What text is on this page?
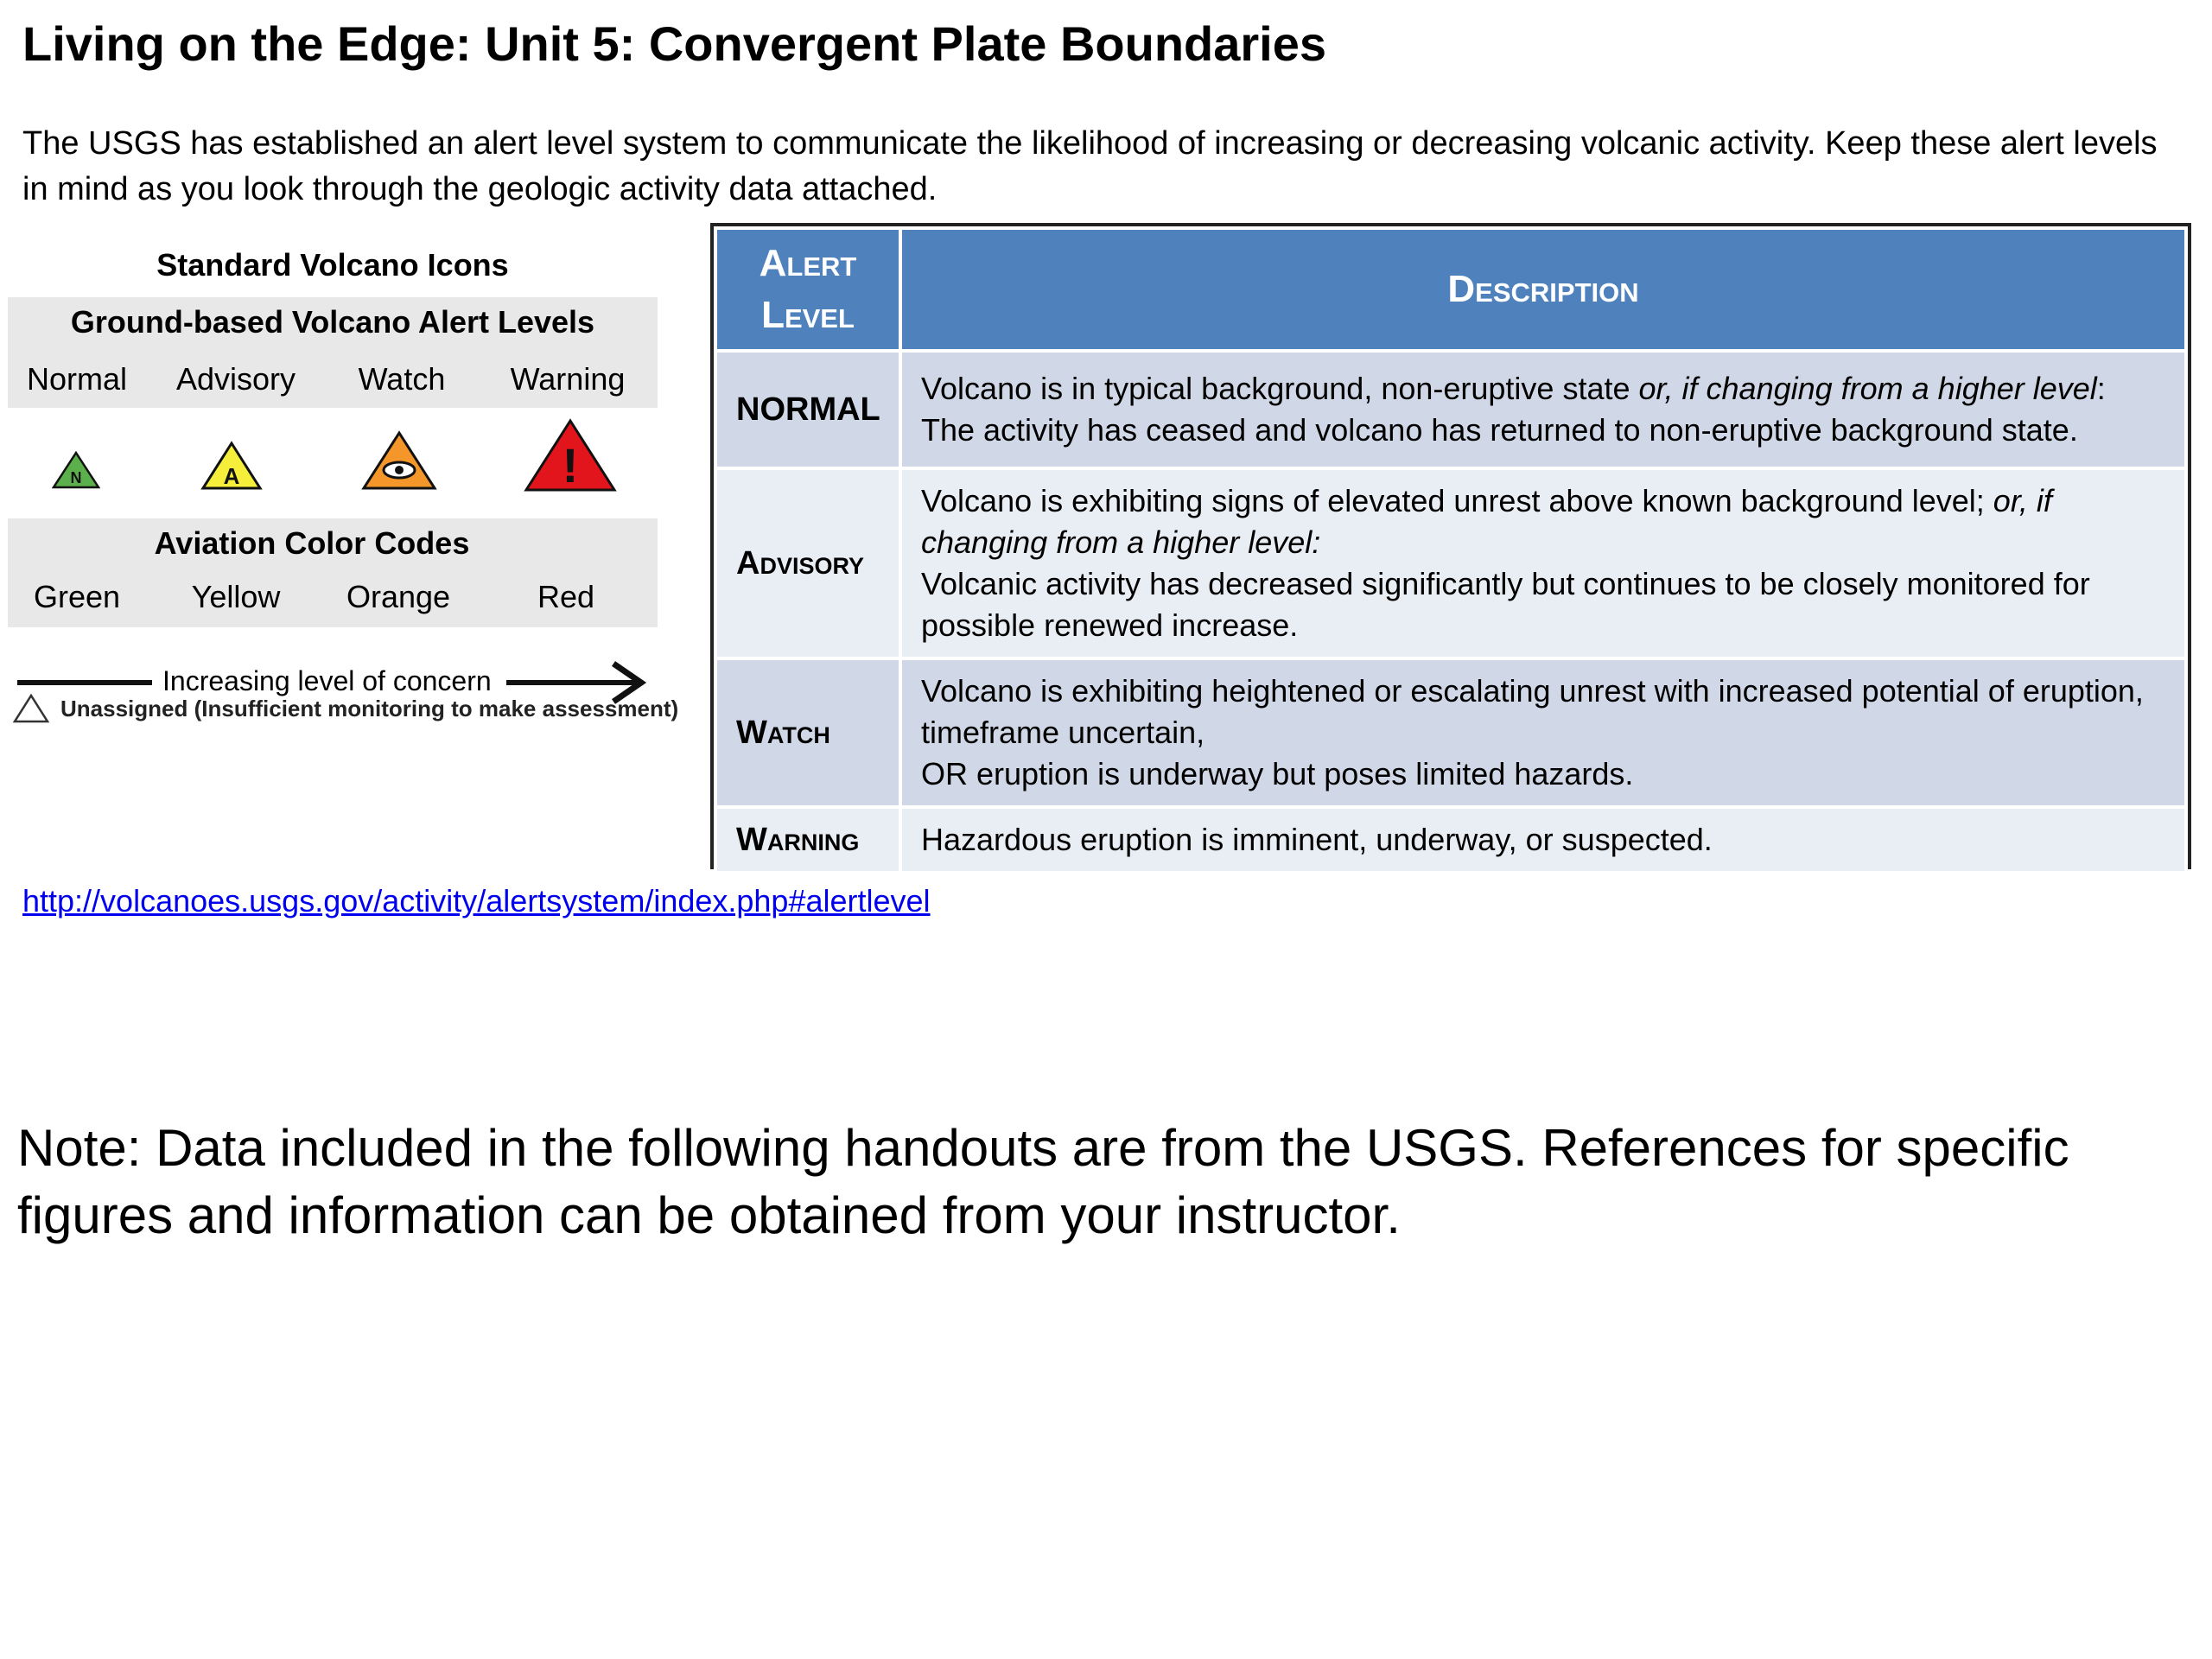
Living on the Edge: Unit 5: Convergent Plate Boundaries
The USGS has established an alert level system to communicate the likelihood of increasing or decreasing volcanic activity. Keep these alert levels in mind as you look through the geologic activity data attached.
Standard Volcano Icons
Ground-based Volcano Alert Levels
Normal	Advisory	Watch	Warning
N	A	!
Aviation Color Codes
Green	Yellow	Orange	Red
Increasing level of concern
Unassigned (Insufficient monitoring to make assessment)
Alert
Level	Description
NORMAL	Volcano is in typical background, non-eruptive state or, if changing from a higher level:
The activity has ceased and volcano has returned to non-eruptive background state.
Advisory	Volcano is exhibiting signs of elevated unrest above known background level; or, if changing from a higher level:
Volcanic activity has decreased significantly but continues to be closely monitored for possible renewed increase.
Watch	Volcano is exhibiting heightened or escalating unrest with increased potential of eruption, timeframe uncertain,
OR eruption is underway but poses limited hazards.
Warning	Hazardous eruption is imminent, underway, or suspected.
http://volcanoes.usgs.gov/activity/alertsystem/index.php#alertlevel
Note: Data included in the following handouts are from the USGS. References for specific figures and information can be obtained from your instructor.
